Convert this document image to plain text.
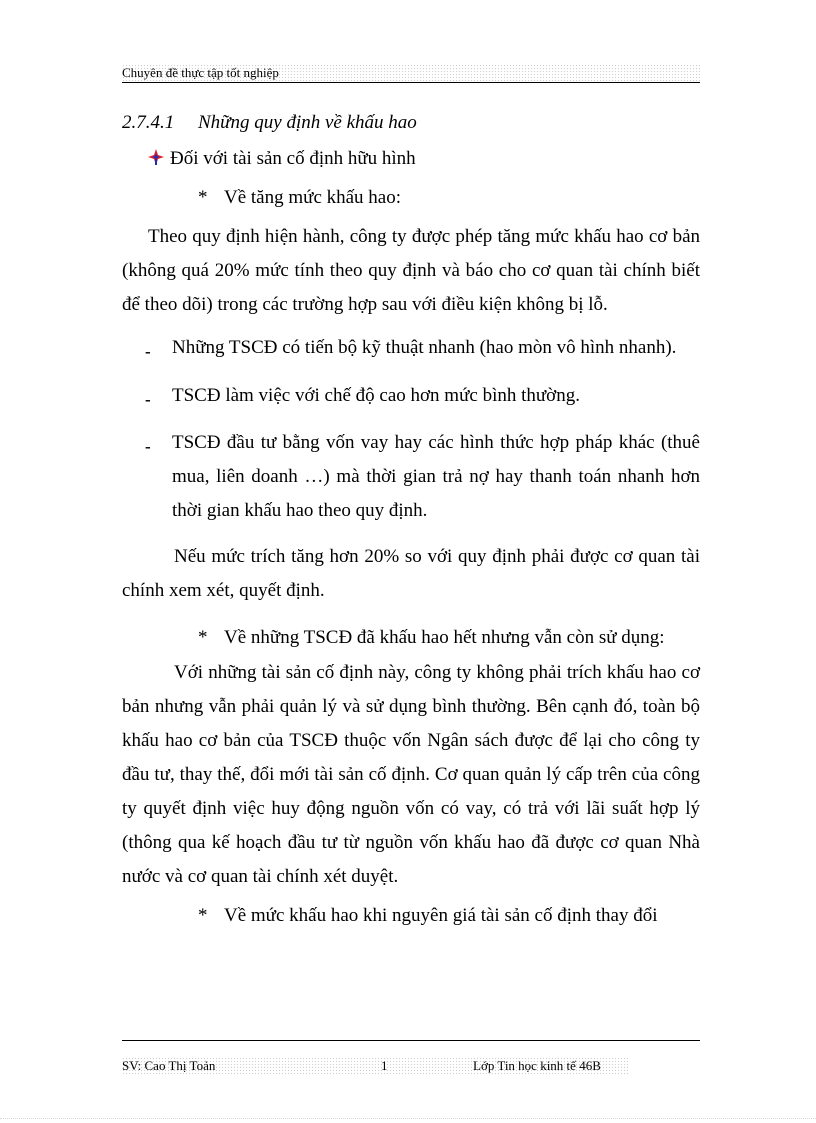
Chuyên đề thực tập tốt nghiệp
2.7.4.1 Những quy định về khấu hao
Đối với tài sản cố định hữu hình
* Về tăng mức khấu hao:

Theo quy định hiện hành, công ty được phép tăng mức khấu hao cơ bản (không quá 20% mức tính theo quy định và báo cho cơ quan tài chính biết để theo dõi) trong các trường hợp sau với điều kiện không bị lỗ.

- Những TSCĐ có tiến bộ kỹ thuật nhanh (hao mòn vô hình nhanh).
- TSCĐ làm việc với chế độ cao hơn mức bình thường.
- TSCĐ đầu tư bằng vốn vay hay các hình thức hợp pháp khác (thuê mua, liên doanh …) mà thời gian trả nợ hay thanh toán nhanh hơn thời gian khấu hao theo quy định.

Nếu mức trích tăng hơn 20% so với quy định phải được cơ quan tài chính xem xét, quyết định.

* Về những TSCĐ đã khấu hao hết nhưng vẫn còn sử dụng:

Với những tài sản cố định này, công ty không phải trích khấu hao cơ bản nhưng vẫn phải quản lý và sử dụng bình thường. Bên cạnh đó, toàn bộ khấu hao cơ bản của TSCĐ thuộc vốn Ngân sách được để lại cho công ty đầu tư, thay thế, đổi mới tài sản cố định. Cơ quan quản lý cấp trên của công ty quyết định việc huy động nguồn vốn có vay, có trả với lãi suất hợp lý (thông qua kế hoạch đầu tư từ nguồn vốn khấu hao đã được cơ quan Nhà nước và cơ quan tài chính xét duyệt.

* Về mức khấu hao khi nguyên giá tài sản cố định thay đổi
SV: Cao Thị Toản	1	Lớp Tin học kinh tế 46B
